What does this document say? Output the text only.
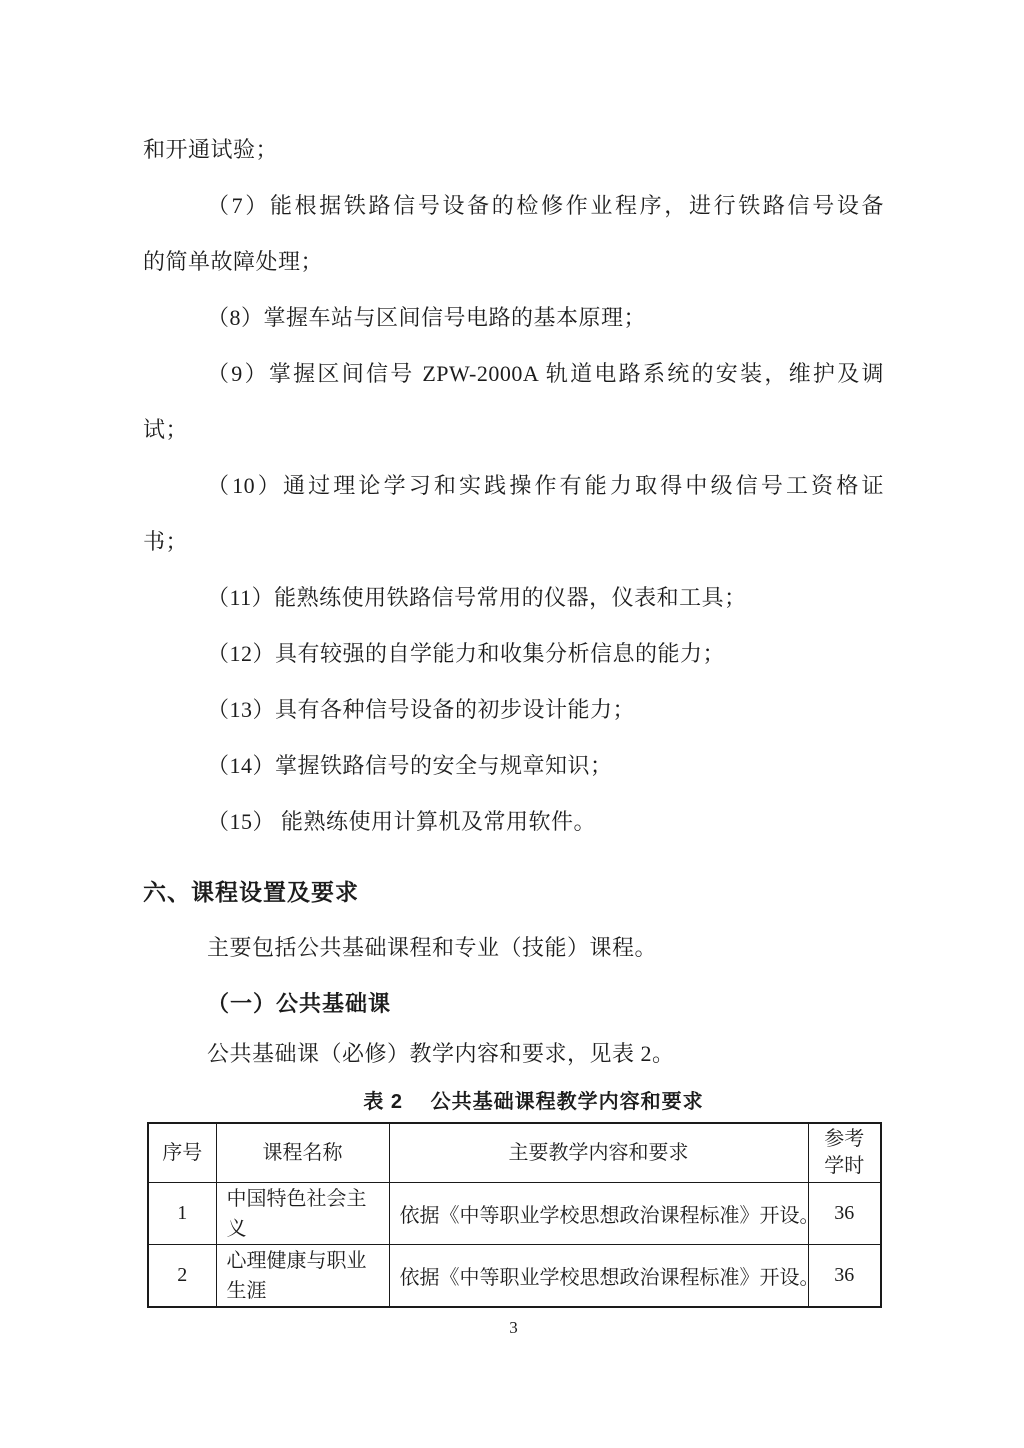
和开通试验；
（7）能根据铁路信号设备的检修作业程序，进行铁路信号设备
的简单故障处理；
（8）掌握车站与区间信号电路的基本原理；
（9）掌握区间信号 ZPW-2000A 轨道电路系统的安装，维护及调
试；
（10）通过理论学习和实践操作有能力取得中级信号工资格证
书；
（11）能熟练使用铁路信号常用的仪器，仪表和工具；
（12）具有较强的自学能力和收集分析信息的能力；
（13）具有各种信号设备的初步设计能力；
（14）掌握铁路信号的安全与规章知识；
（15） 能熟练使用计算机及常用软件。
六、课程设置及要求
主要包括公共基础课程和专业（技能）课程。
（一）公共基础课
公共基础课（必修）教学内容和要求，见表 2。
表 2　 公共基础课程教学内容和要求
序号	课程名称	主要教学内容和要求	参考学时
1	中国特色社会主义	依据《中等职业学校思想政治课程标准》开设。	36
2	心理健康与职业生涯	依据《中等职业学校思想政治课程标准》开设。	36
3
